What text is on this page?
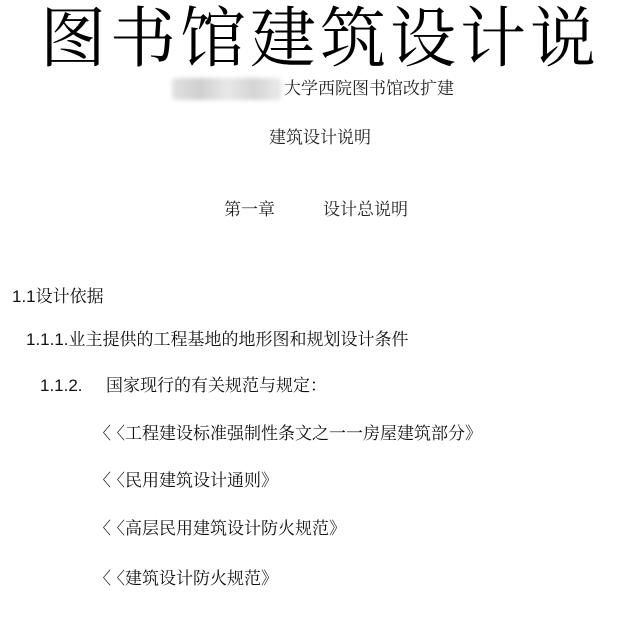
图书馆建筑设计说
大学西院图书馆改扩建
建筑设计说明
第一章	设计总说明
1.1设计依据
1.1.1.业主提供的工程基地的地形图和规划设计条件
1.1.2. 国家现行的有关规范与规定：
〈〈工程建设标准强制性条文之一一房屋建筑部分》
〈〈民用建筑设计通则》
〈〈高层民用建筑设计防火规范》
〈〈建筑设计防火规范》
